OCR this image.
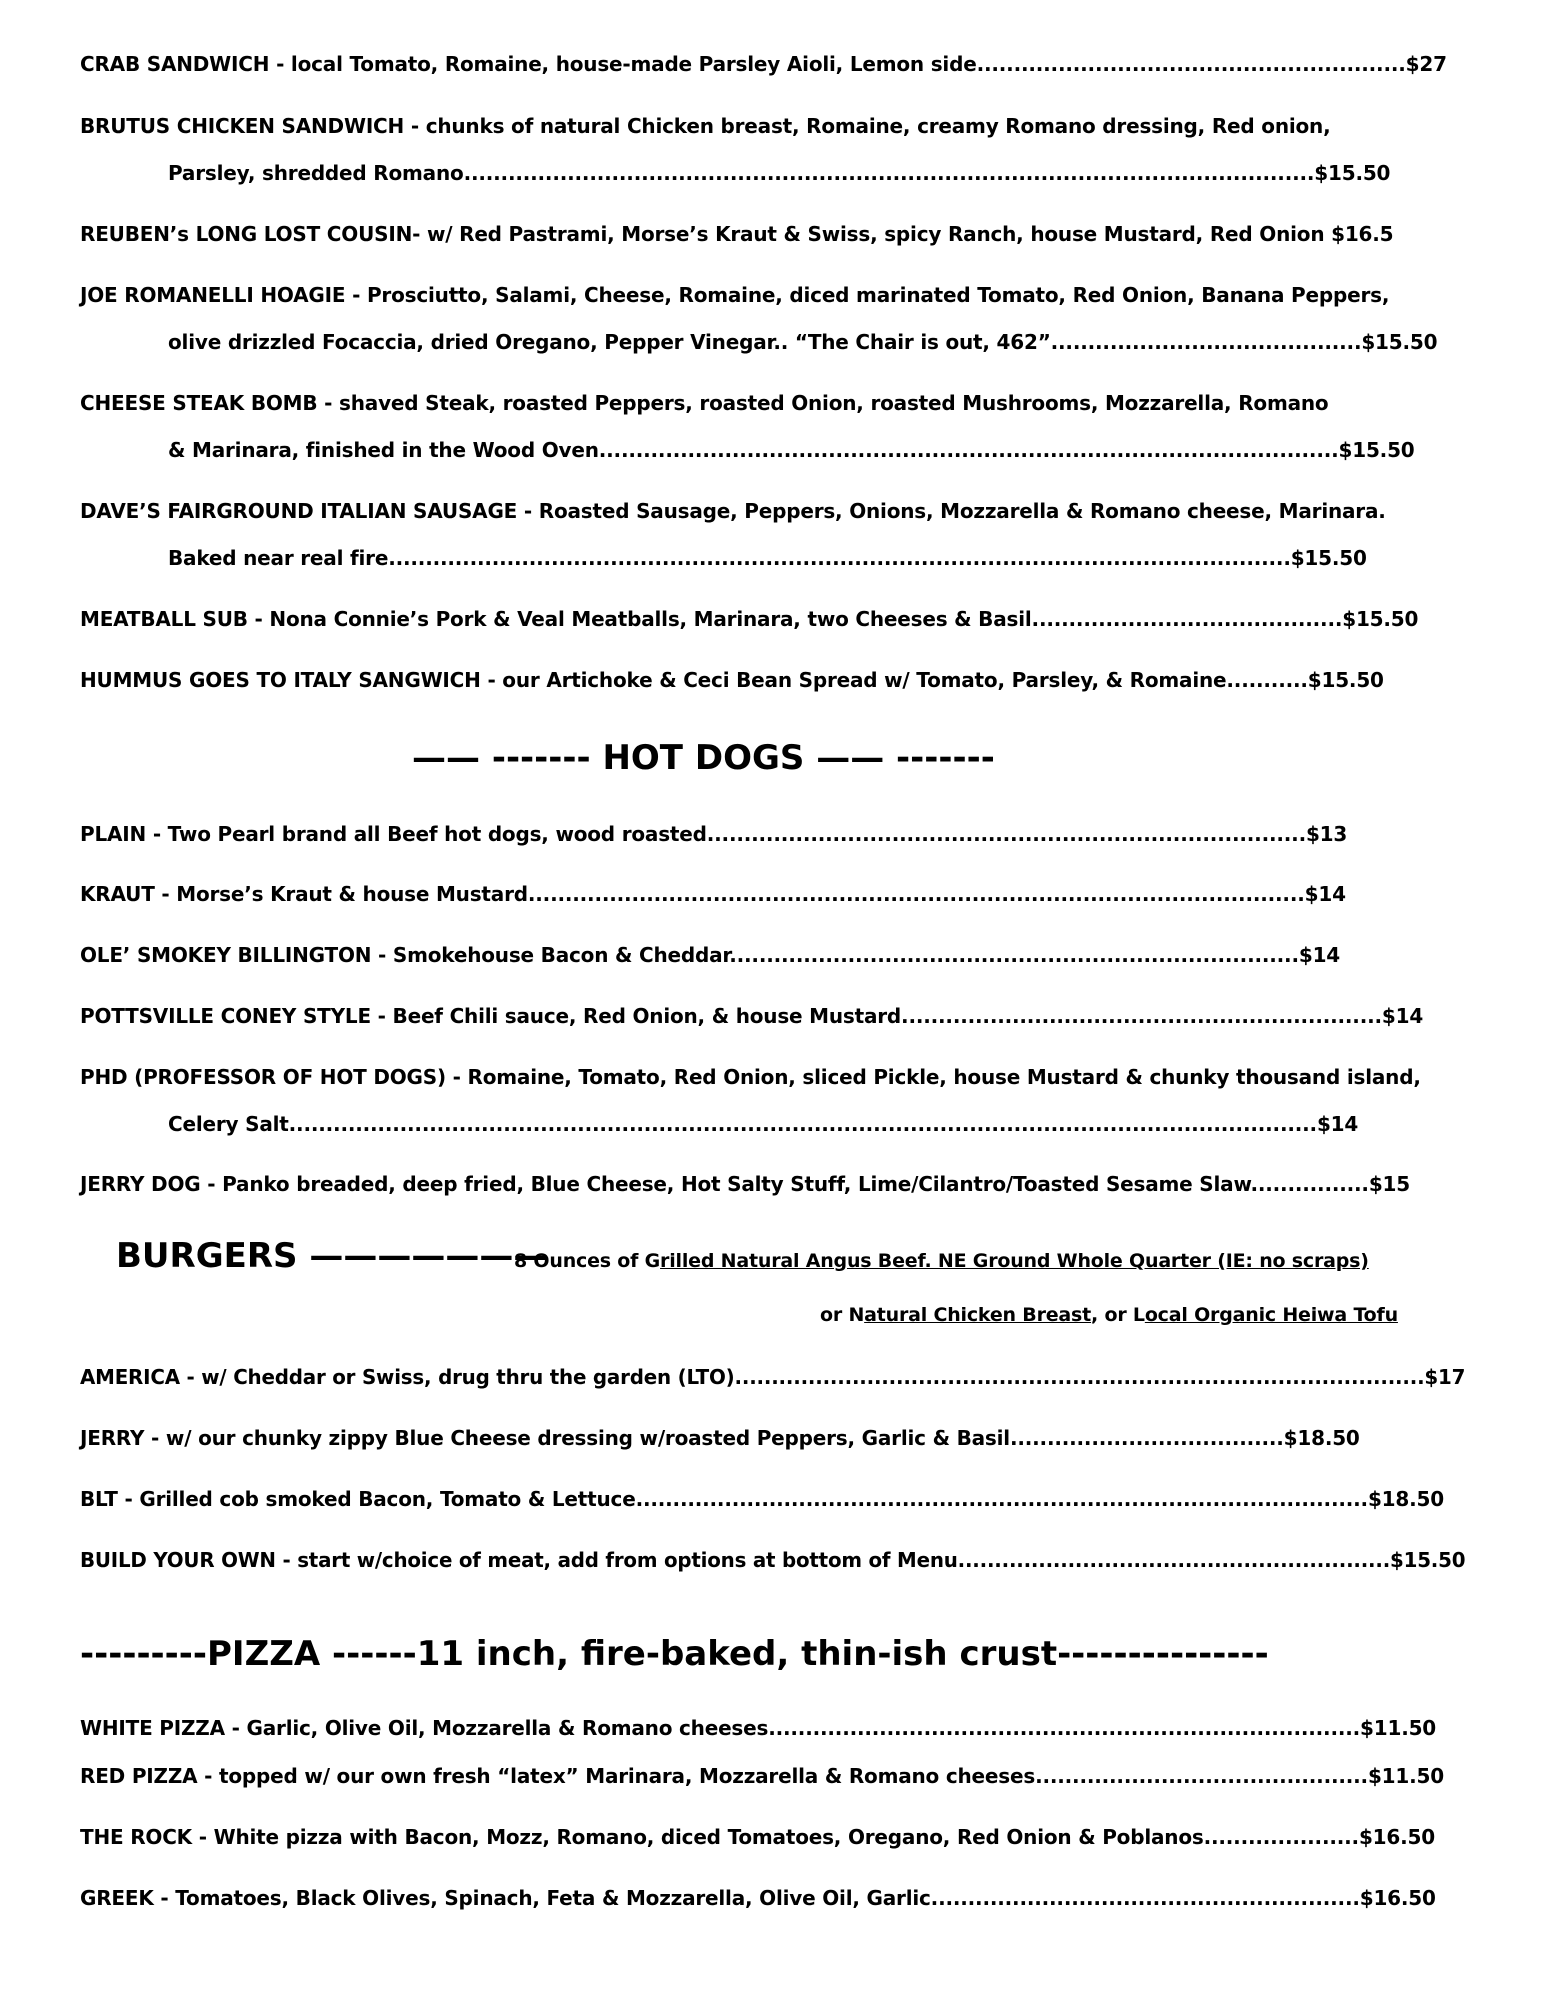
CRAB SANDWICH - local Tomato, Romaine, house-made Parsley Aioli, Lemon side..........................................................$27
BRUTUS CHICKEN SANDWICH - chunks of natural Chicken breast, Romaine, creamy Romano dressing, Red onion,
Parsley, shredded Romano...................................................................................................................$15.50
REUBEN’s LONG LOST COUSIN- w/ Red Pastrami, Morse’s Kraut & Swiss, spicy Ranch, house Mustard, Red Onion $16.5
JOE ROMANELLI HOAGIE - Prosciutto, Salami, Cheese, Romaine, diced marinated Tomato, Red Onion, Banana Peppers,
olive drizzled Focaccia, dried Oregano, Pepper Vinegar.. “The Chair is out, 462”..........................................$15.50
CHEESE STEAK BOMB - shaved Steak, roasted Peppers, roasted Onion, roasted Mushrooms, Mozzarella, Romano
& Marinara, finished in the Wood Oven....................................................................................................$15.50
DAVE’S FAIRGROUND ITALIAN SAUSAGE - Roasted Sausage, Peppers, Onions, Mozzarella & Romano cheese, Marinara.
Baked near real fire..........................................................................................................................$15.50
MEATBALL SUB - Nona Connie’s Pork & Veal Meatballs, Marinara, two Cheeses & Basil..........................................$15.50
HUMMUS GOES TO ITALY SANGWICH - our Artichoke & Ceci Bean Spread w/ Tomato, Parsley, & Romaine...........$15.50
—— ------- HOT DOGS —— -------
PLAIN - Two Pearl brand all Beef hot dogs, wood roasted.................................................................................$13
KRAUT - Morse’s Kraut & house Mustard.........................................................................................................$14
OLE’ SMOKEY BILLINGTON - Smokehouse Bacon & Cheddar.............................................................................$14
POTTSVILLE CONEY STYLE - Beef Chili sauce, Red Onion, & house Mustard.................................................................$14
PHD (PROFESSOR OF HOT DOGS) - Romaine, Tomato, Red Onion, sliced Pickle, house Mustard & chunky thousand island,
Celery Salt...........................................................................................................................................$14
JERRY DOG - Panko breaded, deep fried, Blue Cheese, Hot Salty Stuff, Lime/Cilantro/Toasted Sesame Slaw................$15
BURGERS ———————
8 Ounces of Grilled Natural Angus Beef. NE Ground Whole Quarter (IE: no scraps)
or Natural Chicken Breast, or Local Organic Heiwa Tofu
AMERICA - w/ Cheddar or Swiss, drug thru the garden (LTO)..............................................................................................$17
JERRY - w/ our chunky zippy Blue Cheese dressing w/roasted Peppers, Garlic & Basil.....................................$18.50
BLT - Grilled cob smoked Bacon, Tomato & Lettuce...................................................................................................$18.50
BUILD YOUR OWN - start w/choice of meat, add from options at bottom of Menu...........................................................$15.50
---------PIZZA ------11 inch, fire-baked, thin-ish crust---------------
WHITE PIZZA - Garlic, Olive Oil, Mozzarella & Romano cheeses................................................................................$11.50
RED PIZZA - topped w/ our own fresh “latex” Marinara, Mozzarella & Romano cheeses.............................................$11.50
THE ROCK - White pizza with Bacon, Mozz, Romano, diced Tomatoes, Oregano, Red Onion & Poblanos.....................$16.50
GREEK - Tomatoes, Black Olives, Spinach, Feta & Mozzarella, Olive Oil, Garlic..........................................................$16.50
